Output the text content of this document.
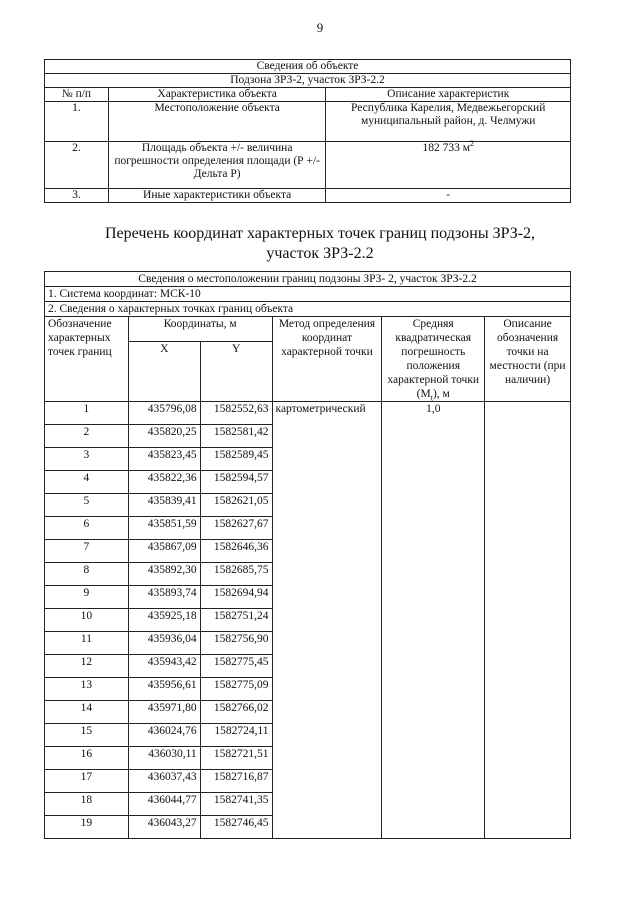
9
Сведения об объекте		
Подзона ЗРЗ-2, участок ЗРЗ-2.2		
№ п/п	Характеристика объекта	Описание характеристик
1.	Местоположение объекта	Республика Карелия, Медвежьегорский муниципальный район, д. Челмужи
2.	Площадь объекта +/- величина погрешности определения площади (Р +/- Дельта Р)	182 733 $м^2$
3.	Иные характеристики объекта	-
Перечень координат характерных точек границ подзоны ЗРЗ-2,
участок ЗРЗ-2.2
Сведения о местоположении границ подзоны ЗРЗ- 2, участок ЗРЗ-2.2					
1. Система координат: МСК-10					
2. Сведения о характерных точках границ объекта					
Обозначение характерных точек границ	Координаты, м		Метод определения координат характерной точки	Средняя квадратическая погрешность положения характерной точки $(M_t)$, м	Описание обозначения точки на местности (при наличии)
	X	Y			
1	435796,08	1582552,63	картометрический	1,0	
2	435820,25	1582581,42			
3	435823,45	1582589,45			
4	435822,36	1582594,57			
5	435839,41	1582621,05			
6	435851,59	1582627,67			
7	435867,09	1582646,36			
8	435892,30	1582685,75			
9	435893,74	1582694,94			
10	435925,18	1582751,24			
11	435936,04	1582756,90			
12	435943,42	1582775,45			
13	435956,61	1582775,09			
14	435971,80	1582766,02			
15	436024,76	1582724,11			
16	436030,11	1582721,51			
17	436037,43	1582716,87			
18	436044,77	1582741,35			
19	436043,27	1582746,45			
